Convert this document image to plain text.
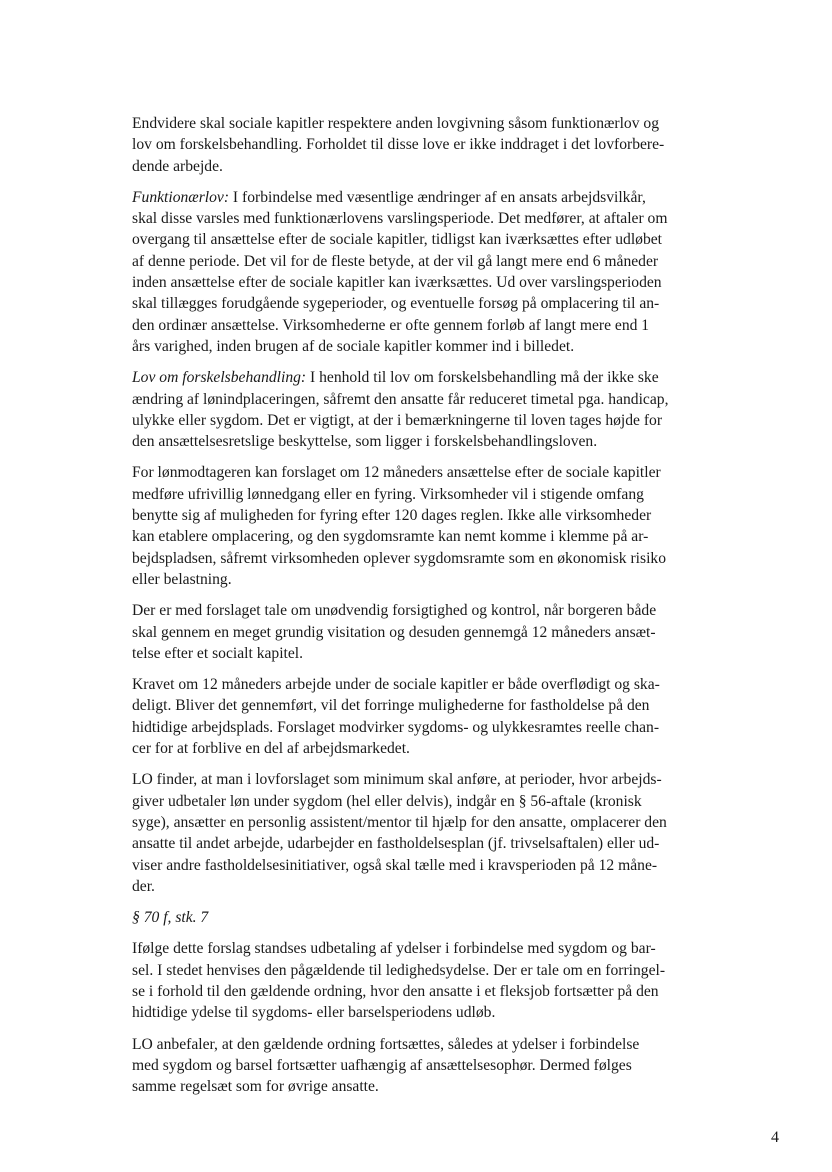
Endvidere skal sociale kapitler respektere anden lovgivning såsom funktionærlov og
lov om forskelsbehandling. Forholdet til disse love er ikke inddraget i det lovforbere-
dende arbejde.

Funktionærlov: I forbindelse med væsentlige ændringer af en ansats arbejdsvilkår,
skal disse varsles med funktionærlovens varslingsperiode. Det medfører, at aftaler om
overgang til ansættelse efter de sociale kapitler, tidligst kan iværksættes efter udløbet
af denne periode. Det vil for de fleste betyde, at der vil gå langt mere end 6 måneder
inden ansættelse efter de sociale kapitler kan iværksættes. Ud over varslingsperioden
skal tillægges forudgående sygeperioder, og eventuelle forsøg på omplacering til an-
den ordinær ansættelse. Virksomhederne er ofte gennem forløb af langt mere end 1
års varighed, inden brugen af de sociale kapitler kommer ind i billedet.

Lov om forskelsbehandling: I henhold til lov om forskelsbehandling må der ikke ske
ændring af lønindplaceringen, såfremt den ansatte får reduceret timetal pga. handicap,
ulykke eller sygdom. Det er vigtigt, at der i bemærkningerne til loven tages højde for
den ansættelsesretslige beskyttelse, som ligger i forskelsbehandlingsloven.

For lønmodtageren kan forslaget om 12 måneders ansættelse efter de sociale kapitler
medføre ufrivillig lønnedgang eller en fyring. Virksomheder vil i stigende omfang
benytte sig af muligheden for fyring efter 120 dages reglen. Ikke alle virksomheder
kan etablere omplacering, og den sygdomsramte kan nemt komme i klemme på ar-
bejdspladsen, såfremt virksomheden oplever sygdomsramte som en økonomisk risiko
eller belastning.

Der er med forslaget tale om unødvendig forsigtighed og kontrol, når borgeren både
skal gennem en meget grundig visitation og desuden gennemgå 12 måneders ansæt-
telse efter et socialt kapitel.

Kravet om 12 måneders arbejde under de sociale kapitler er både overflødigt og ska-
deligt. Bliver det gennemført, vil det forringe mulighederne for fastholdelse på den
hidtidige arbejdsplads. Forslaget modvirker sygdoms- og ulykkesramtes reelle chan-
cer for at forblive en del af arbejdsmarkedet.

LO finder, at man i lovforslaget som minimum skal anføre, at perioder, hvor arbejds-
giver udbetaler løn under sygdom (hel eller delvis), indgår en § 56-aftale (kronisk
syge), ansætter en personlig assistent/mentor til hjælp for den ansatte, omplacerer den
ansatte til andet arbejde, udarbejder en fastholdelsesplan (jf. trivselsaftalen) eller ud-
viser andre fastholdelsesinitiativer, også skal tælle med i kravsperioden på 12 måne-
der.

§ 70 f, stk. 7

Ifølge dette forslag standses udbetaling af ydelser i forbindelse med sygdom og bar-
sel. I stedet henvises den pågældende til ledighedsydelse. Der er tale om en forringel-
se i forhold til den gældende ordning, hvor den ansatte i et fleksjob fortsætter på den
hidtidige ydelse til sygdoms- eller barselsperiodens udløb.

LO anbefaler, at den gældende ordning fortsættes, således at ydelser i forbindelse
med sygdom og barsel fortsætter uafhængig af ansættelsesophør. Dermed følges
samme regelsæt som for øvrige ansatte.

4
